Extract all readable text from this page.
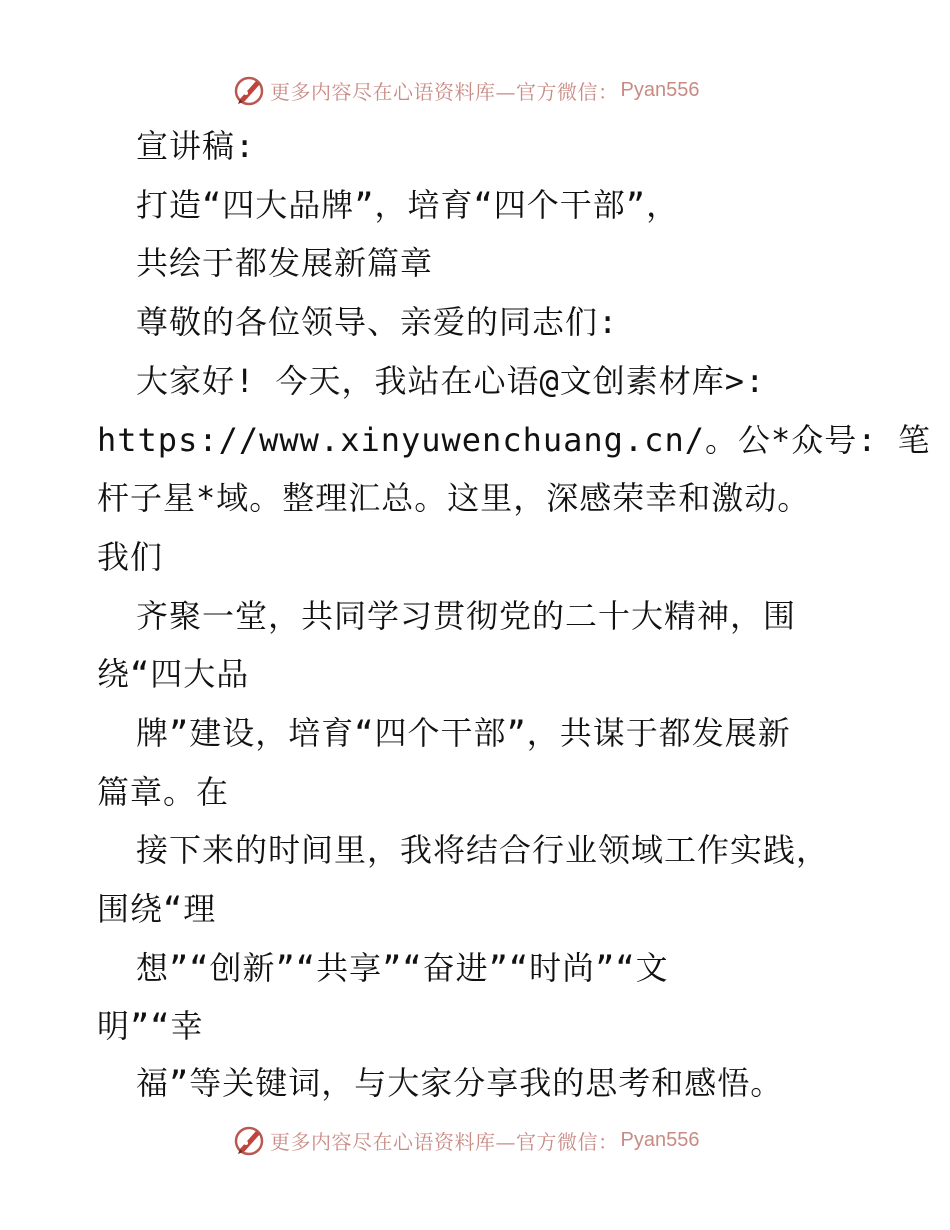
更多内容尽在心语资料库—官方微信： Pyan556
宣讲稿:
打造“四大品牌”，培育“四个干部”，
共绘于都发展新篇章
尊敬的各位领导、亲爱的同志们:
大家好! 今天，我站在心语@文创素材库>:
https://www.xinyuwenchuang.cn/。公*众号: 笔
杆子星*域。整理汇总。这里，深感荣幸和激动。
我们
齐聚一堂，共同学习贯彻党的二十大精神，围
绕“四大品
牌”建设，培育“四个干部”，共谋于都发展新
篇章。在
接下来的时间里，我将结合行业领域工作实践，
围绕“理
想”“创新”“共享”“奋进”“时尚”“文
明”“幸
福”等关键词，与大家分享我的思考和感悟。
更多内容尽在心语资料库—官方微信： Pyan556
